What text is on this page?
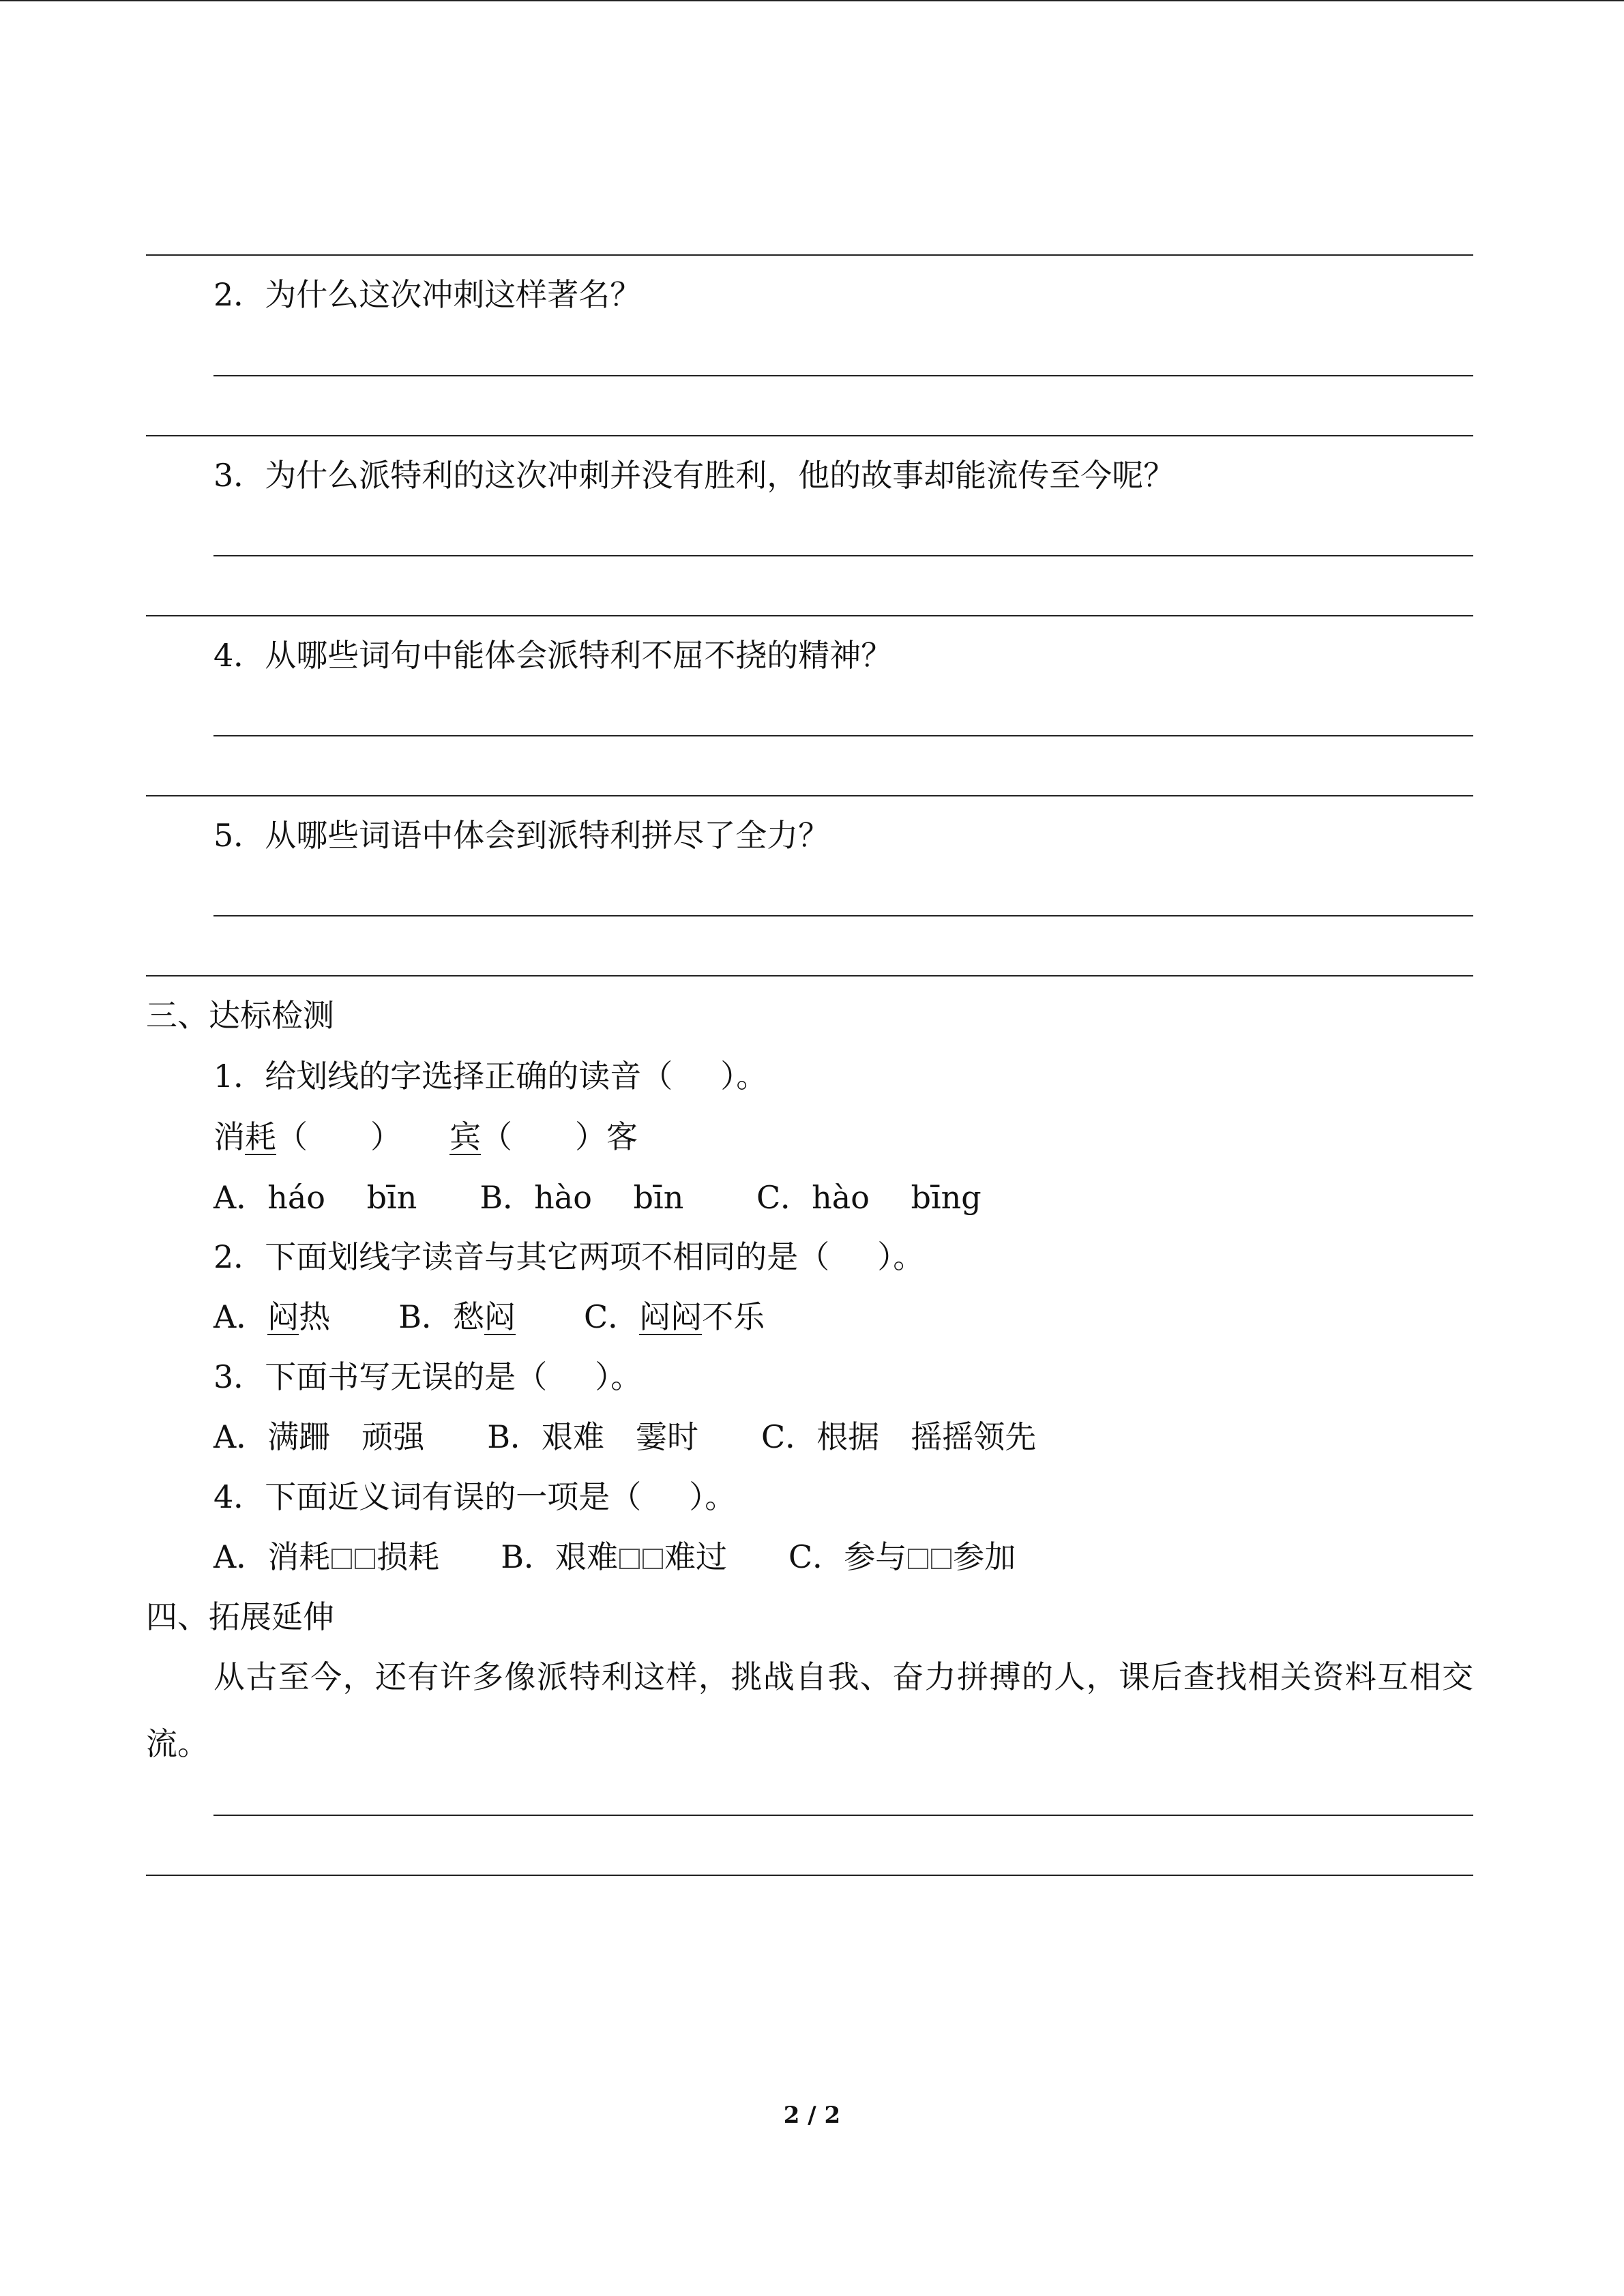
2．为什么这次冲刺这样著名？
3．为什么派特利的这次冲刺并没有胜利，他的故事却能流传至今呢？
4．从哪些词句中能体会派特利不屈不挠的精神？
5．从哪些词语中体会到派特利拼尽了全力？
三、达标检测
1．给划线的字选择正确的读音（ ）。
消耗（　　） 宾（　　）客
A．háo　 bīn　　B．hào　 bīn　　 C．hào　 bīng
2．下面划线字读音与其它两项不相同的是（ ）。
A．闷热 B．愁闷 C．闷闷不乐
3．下面书写无误的是（ ）。
A．满跚　顽强　　B．艰难　霎时　　C．根据　摇摇领先
4．下面近义词有误的一项是（ ）。
A．消耗 损耗 B．艰难 难过 C．参与 参加
四、拓展延伸
从古至今，还有许多像派特利这样，挑战自我、奋力拼搏的人，课后查找相关资料互相交流。
2 / 2
